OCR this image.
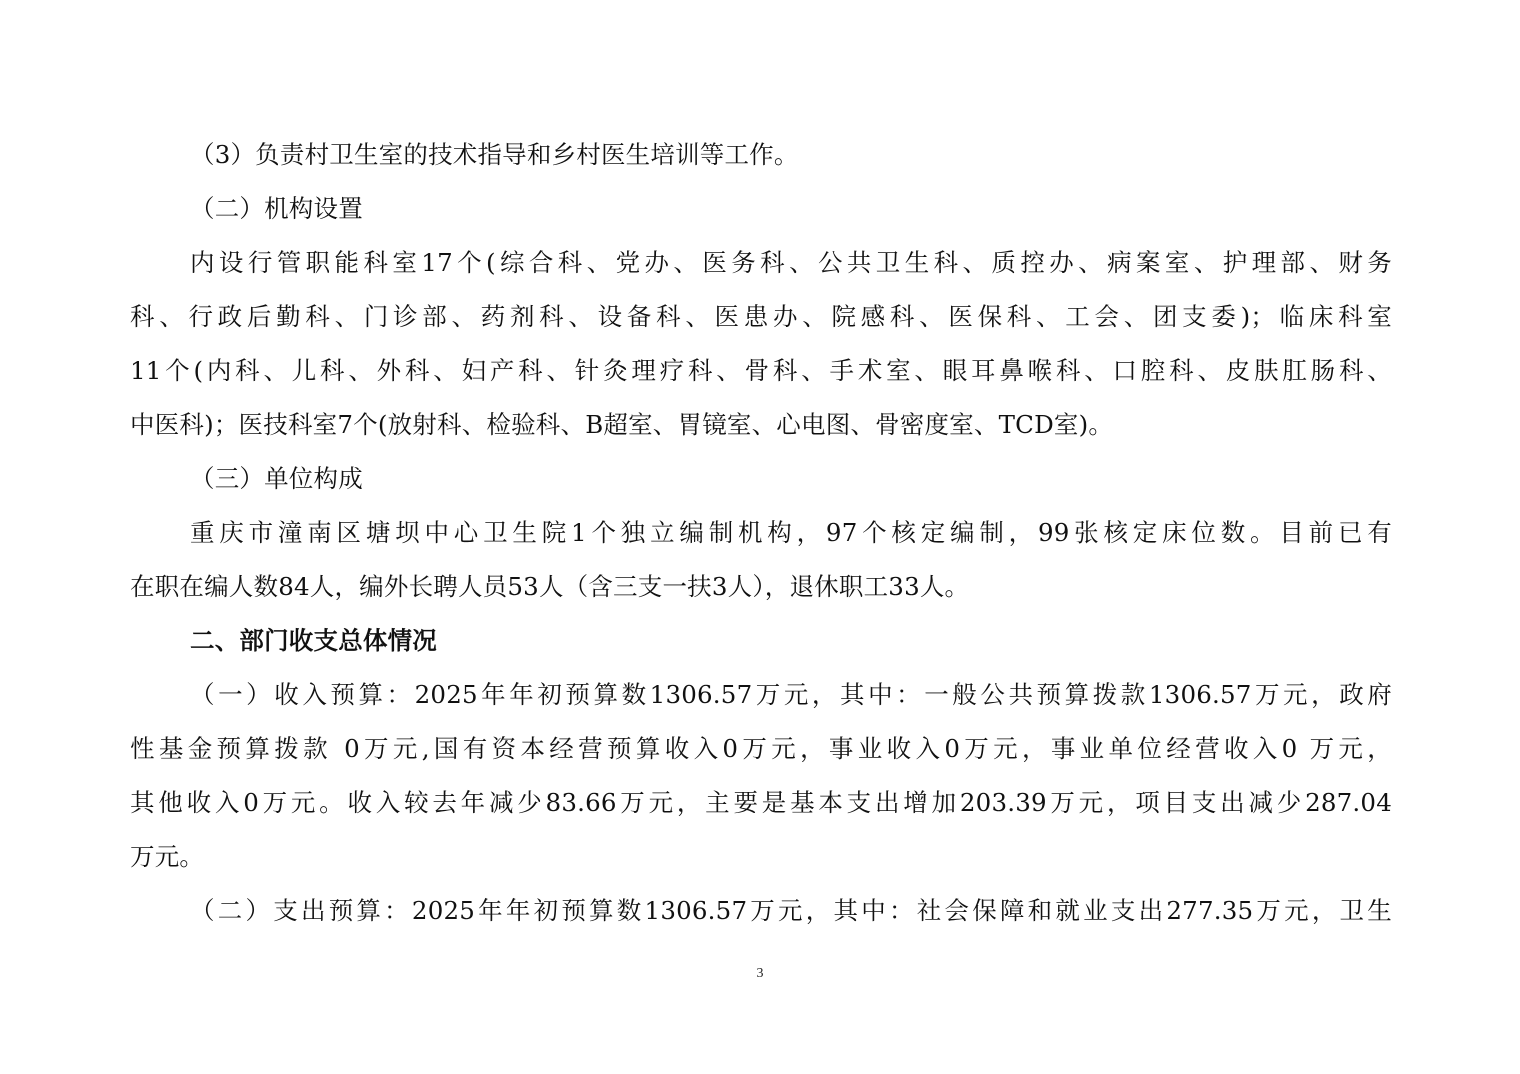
（3）负责村卫生室的技术指导和乡村医生培训等工作。
（二）机构设置
内设行管职能科室17个(综合科、党办、医务科、公共卫生科、质控办、病案室、护理部、财务
科、行政后勤科、门诊部、药剂科、设备科、医患办、院感科、医保科、工会、团支委)；临床科室
11个(内科、儿科、外科、妇产科、针灸理疗科、骨科、手术室、眼耳鼻喉科、口腔科、皮肤肛肠科、
中医科)；医技科室7个(放射科、检验科、B超室、胃镜室、心电图、骨密度室、TCD室)。
（三）单位构成
重庆市潼南区塘坝中心卫生院1个独立编制机构，97个核定编制，99张核定床位数。目前已有
在职在编人数84人，编外长聘人员53人（含三支一扶3人），退休职工33人。
二、部门收支总体情况
（一）收入预算：2025年年初预算数1306.57万元，其中：一般公共预算拨款1306.57万元，政府
性基金预算拨款 0万元,国有资本经营预算收入0万元，事业收入0万元，事业单位经营收入0 万元，
其他收入0万元。收入较去年减少83.66万元，主要是基本支出增加203.39万元，项目支出减少287.04
万元。
（二）支出预算：2025年年初预算数1306.57万元，其中：社会保障和就业支出277.35万元，卫生
3
